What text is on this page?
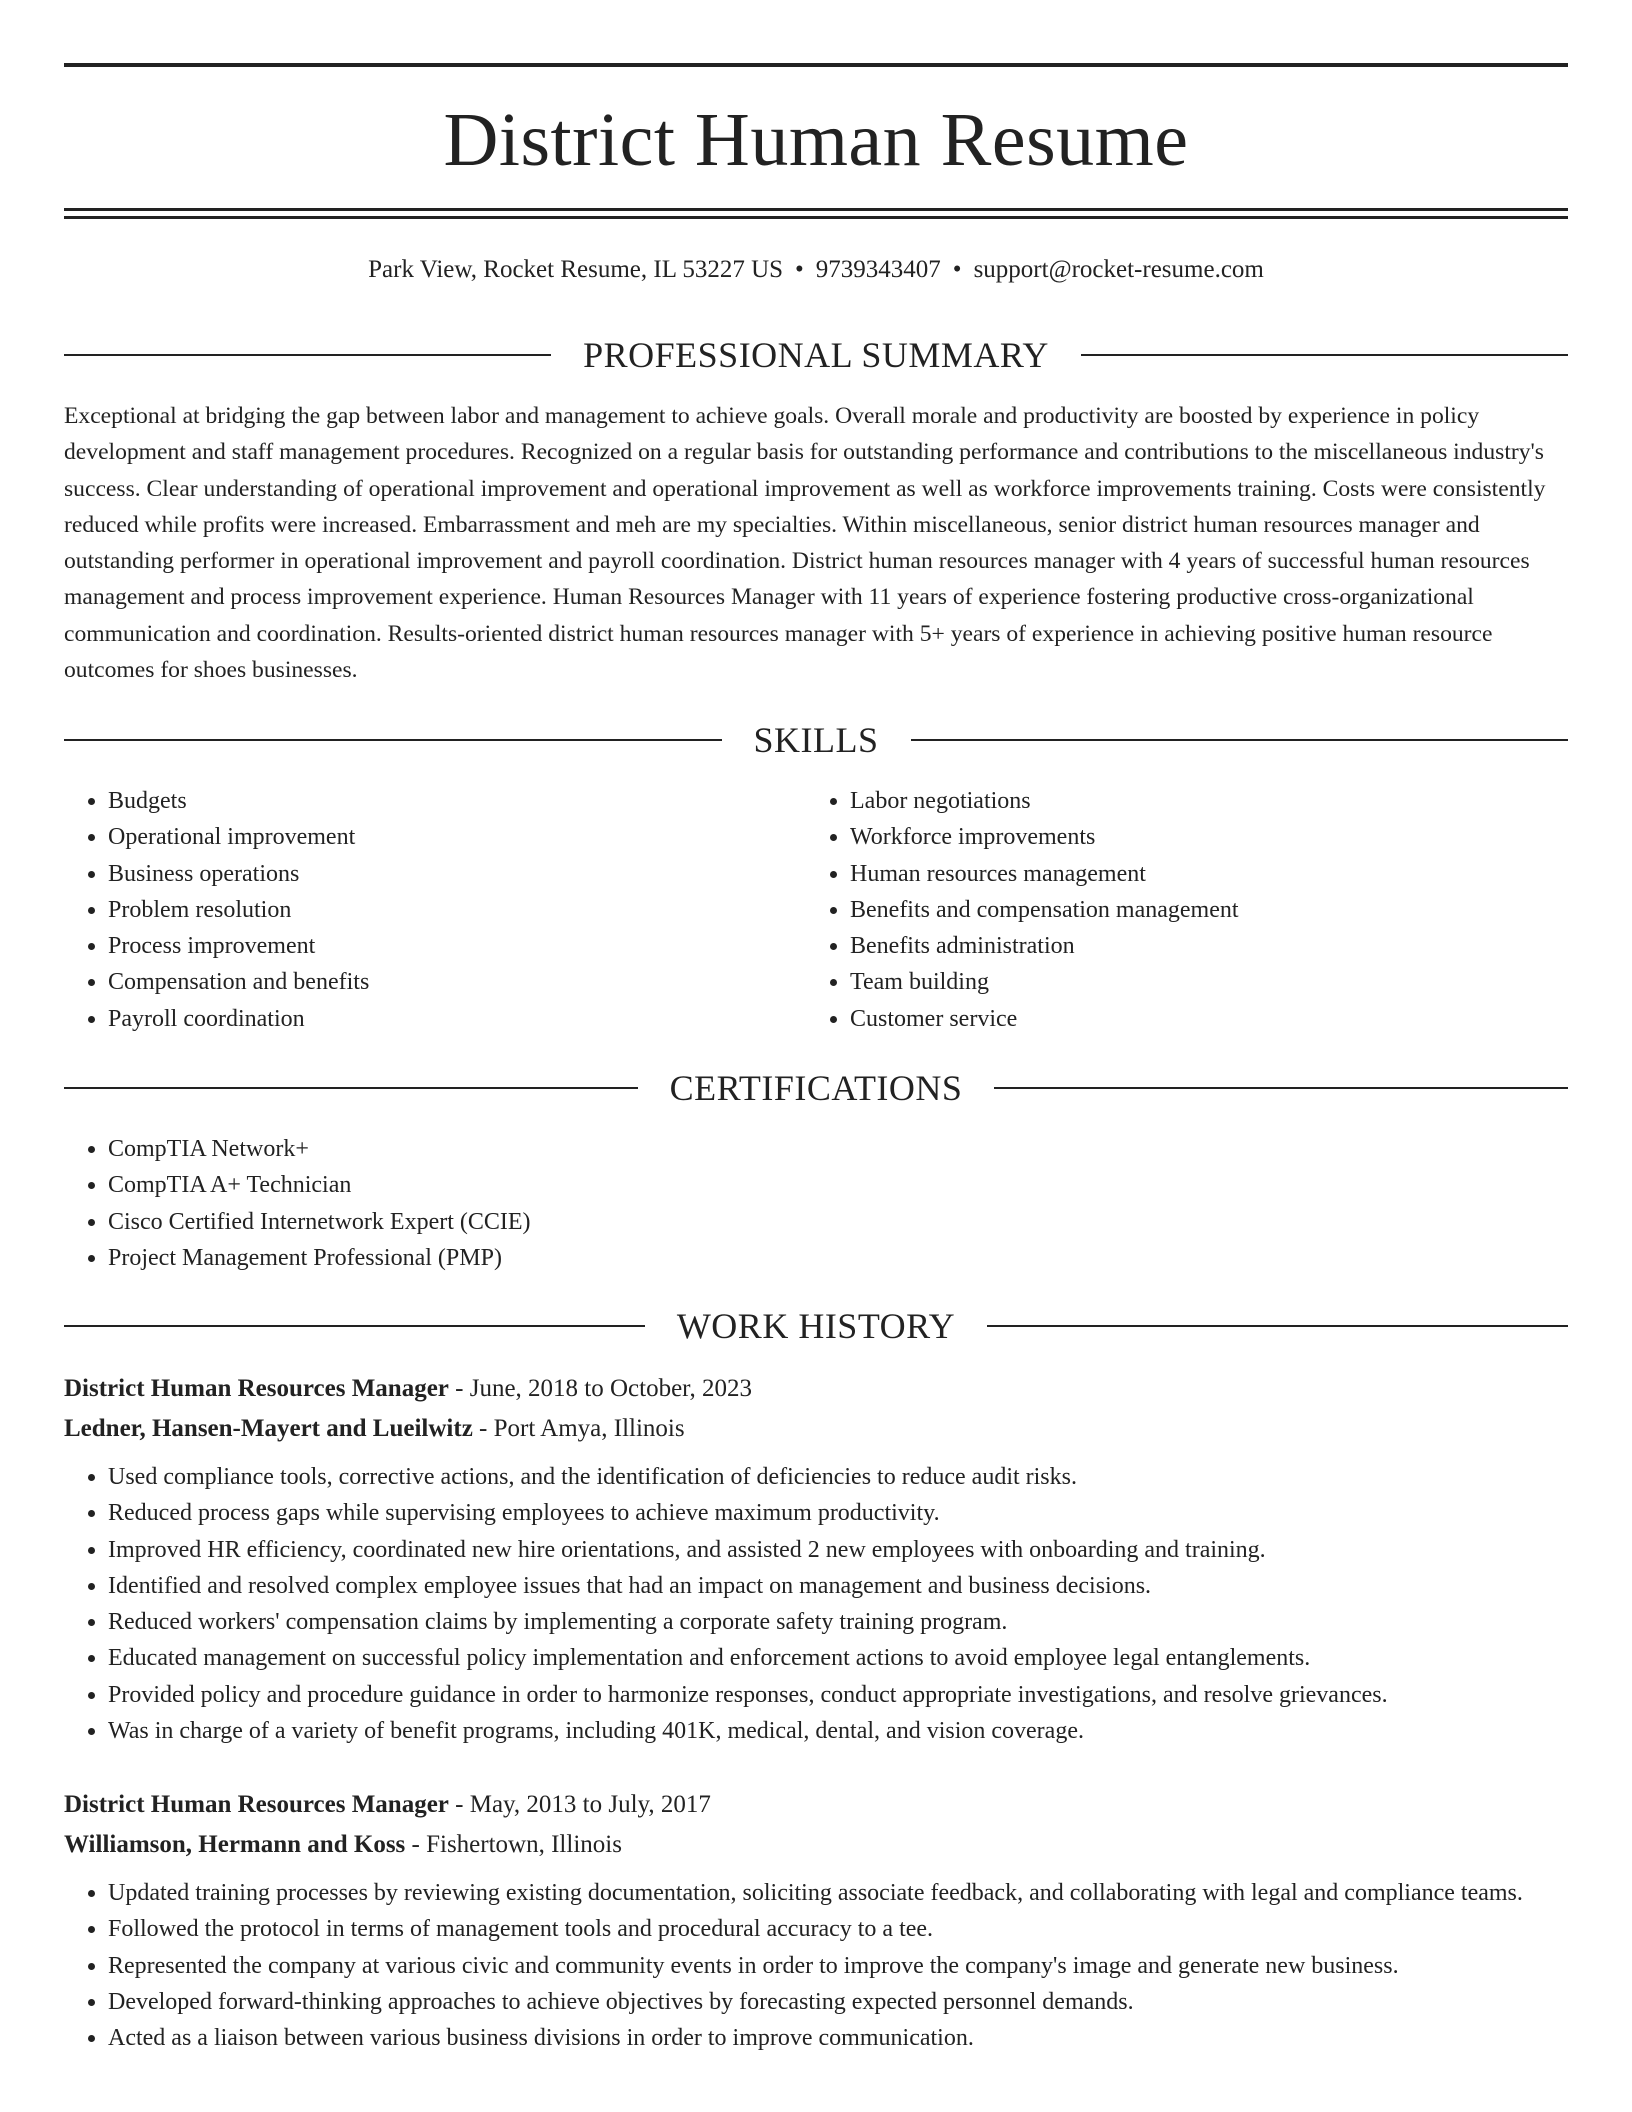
District Human Resume
Park View, Rocket Resume, IL 53227 US • 9739343407 • support@rocket-resume.com
PROFESSIONAL SUMMARY

Exceptional at bridging the gap between labor and management to achieve goals. Overall morale and productivity are boosted by experience in policy development and staff management procedures. Recognized on a regular basis for outstanding performance and contributions to the miscellaneous industry's success. Clear understanding of operational improvement and operational improvement as well as workforce improvements training. Costs were consistently reduced while profits were increased. Embarrassment and meh are my specialties. Within miscellaneous, senior district human resources manager and outstanding performer in operational improvement and payroll coordination. District human resources manager with 4 years of successful human resources management and process improvement experience. Human Resources Manager with 11 years of experience fostering productive cross-organizational communication and coordination. Results-oriented district human resources manager with 5+ years of experience in achieving positive human resource outcomes for shoes businesses.

SKILLS
• Budgets
• Operational improvement
• Business operations
• Problem resolution
• Process improvement
• Compensation and benefits
• Payroll coordination
• Labor negotiations
• Workforce improvements
• Human resources management
• Benefits and compensation management
• Benefits administration
• Team building
• Customer service
CERTIFICATIONS
• CompTIA Network+
• CompTIA A+ Technician
• Cisco Certified Internetwork Expert (CCIE)
• Project Management Professional (PMP)
WORK HISTORY
District Human Resources Manager - June, 2018 to October, 2023
Ledner, Hansen-Mayert and Lueilwitz - Port Amya, Illinois
• Used compliance tools, corrective actions, and the identification of deficiencies to reduce audit risks.
• Reduced process gaps while supervising employees to achieve maximum productivity.
• Improved HR efficiency, coordinated new hire orientations, and assisted 2 new employees with onboarding and training.
• Identified and resolved complex employee issues that had an impact on management and business decisions.
• Reduced workers' compensation claims by implementing a corporate safety training program.
• Educated management on successful policy implementation and enforcement actions to avoid employee legal entanglements.
• Provided policy and procedure guidance in order to harmonize responses, conduct appropriate investigations, and resolve grievances.
• Was in charge of a variety of benefit programs, including 401K, medical, dental, and vision coverage.
District Human Resources Manager - May, 2013 to July, 2017
Williamson, Hermann and Koss - Fishertown, Illinois
• Updated training processes by reviewing existing documentation, soliciting associate feedback, and collaborating with legal and compliance teams.
• Followed the protocol in terms of management tools and procedural accuracy to a tee.
• Represented the company at various civic and community events in order to improve the company's image and generate new business.
• Developed forward-thinking approaches to achieve objectives by forecasting expected personnel demands.
• Acted as a liaison between various business divisions in order to improve communication.
